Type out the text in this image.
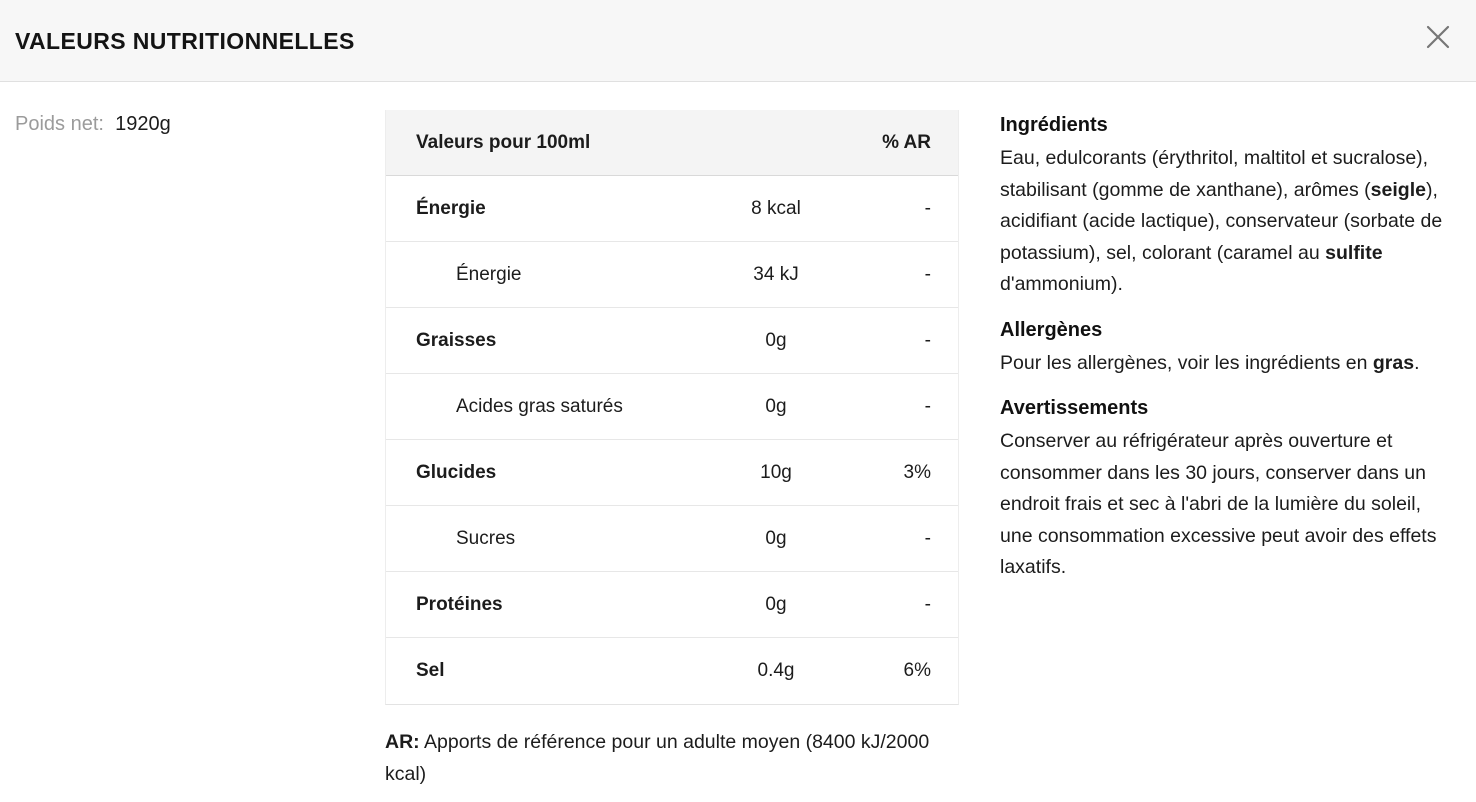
VALEURS NUTRITIONNELLES
Poids net: 1920g
Valeurs pour 100ml	% AR
Énergie	8 kcal	-
Énergie	34 kJ	-
Graisses	0g	-
Acides gras saturés	0g	-
Glucides	10g	3%
Sucres	0g	-
Protéines	0g	-
Sel	0.4g	6%
AR: Apports de référence pour un adulte moyen (8400 kJ/2000 kcal)
Ingrédients

Eau, edulcorants (érythritol, maltitol et sucralose), stabilisant (gomme de xanthane), arômes (seigle), acidifiant (acide lactique), conservateur (sorbate de potassium), sel, colorant (caramel au sulfite d'ammonium).

Allergènes

Pour les allergènes, voir les ingrédients en gras.

Avertissements

Conserver au réfrigérateur après ouverture et consommer dans les 30 jours, conserver dans un endroit frais et sec à l'abri de la lumière du soleil, une consommation excessive peut avoir des effets laxatifs.
